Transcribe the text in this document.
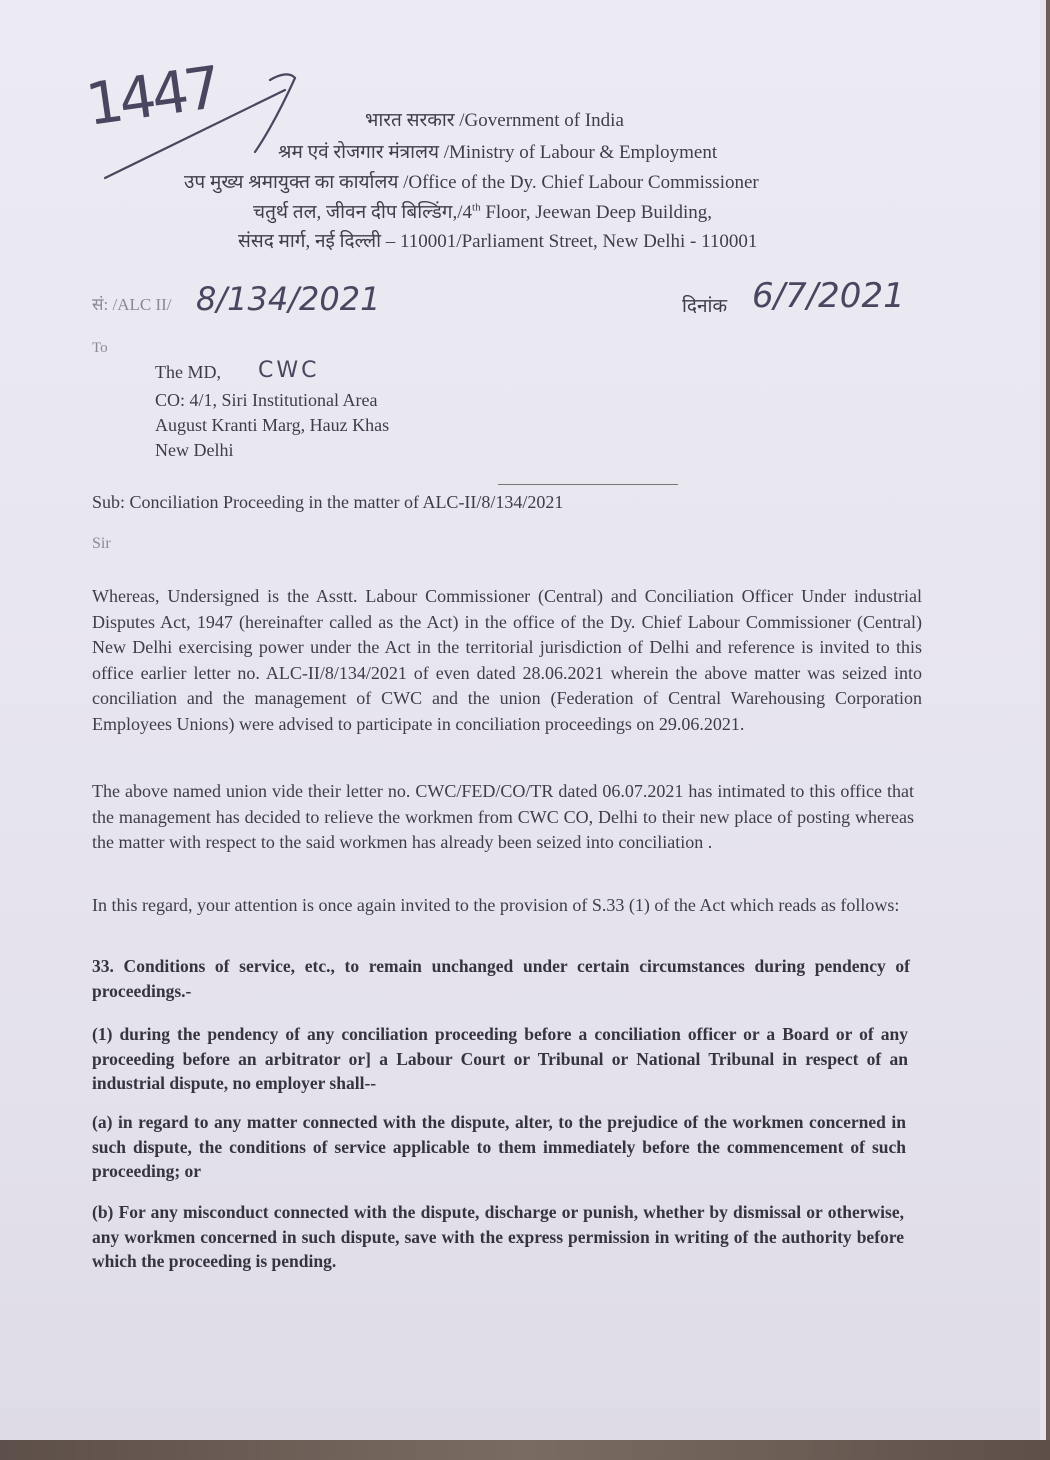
1447	भारत सरकार /Government of India
श्रम एवं रोजगार मंत्रालय /Ministry of Labour & Employment
उप मुख्य श्रमायुक्त का कार्यालय /Office of the Dy. Chief Labour Commissioner
चतुर्थ तल, जीवन दीप बिल्डिंग,/4th Floor, Jeewan Deep Building,
संसद मार्ग, नई दिल्ली – 110001/Parliament Street, New Delhi - 110001
सं: /ALC II/ 8/134/2021	दिनांक 6/7/2021
To
The MD, CWC
CO: 4/1, Siri Institutional Area
August Kranti Marg, Hauz Khas
New Delhi
Sub: Conciliation Proceeding in the matter of ALC-II/8/134/2021
Sir

Whereas, Undersigned is the Asstt. Labour Commissioner (Central) and Conciliation Officer Under industrial Disputes Act, 1947 (hereinafter called as the Act) in the office of the Dy. Chief Labour Commissioner (Central) New Delhi exercising power under the Act in the territorial jurisdiction of Delhi and reference is invited to this office earlier letter no. ALC-II/8/134/2021 of even dated 28.06.2021 wherein the above matter was seized into conciliation and the management of CWC and the union (Federation of Central Warehousing Corporation Employees Unions) were advised to participate in conciliation proceedings on 29.06.2021.

The above named union vide their letter no. CWC/FED/CO/TR dated 06.07.2021 has intimated to this office that the management has decided to relieve the workmen from CWC CO, Delhi to their new place of posting whereas the matter with respect to the said workmen has already been seized into conciliation .

In this regard, your attention is once again invited to the provision of S.33 (1) of the Act which reads as follows:

33. Conditions of service, etc., to remain unchanged under certain circumstances during pendency of proceedings.-
(1) during the pendency of any conciliation proceeding before a conciliation officer or a Board or of any proceeding before an arbitrator or] a Labour Court or Tribunal or National Tribunal in respect of an industrial dispute, no employer shall--
(a) in regard to any matter connected with the dispute, alter, to the prejudice of the workmen concerned in such dispute, the conditions of service applicable to them immediately before the commencement of such proceeding; or
(b) For any misconduct connected with the dispute, discharge or punish, whether by dismissal or otherwise, any workmen concerned in such dispute, save with the express permission in writing of the authority before which the proceeding is pending.
